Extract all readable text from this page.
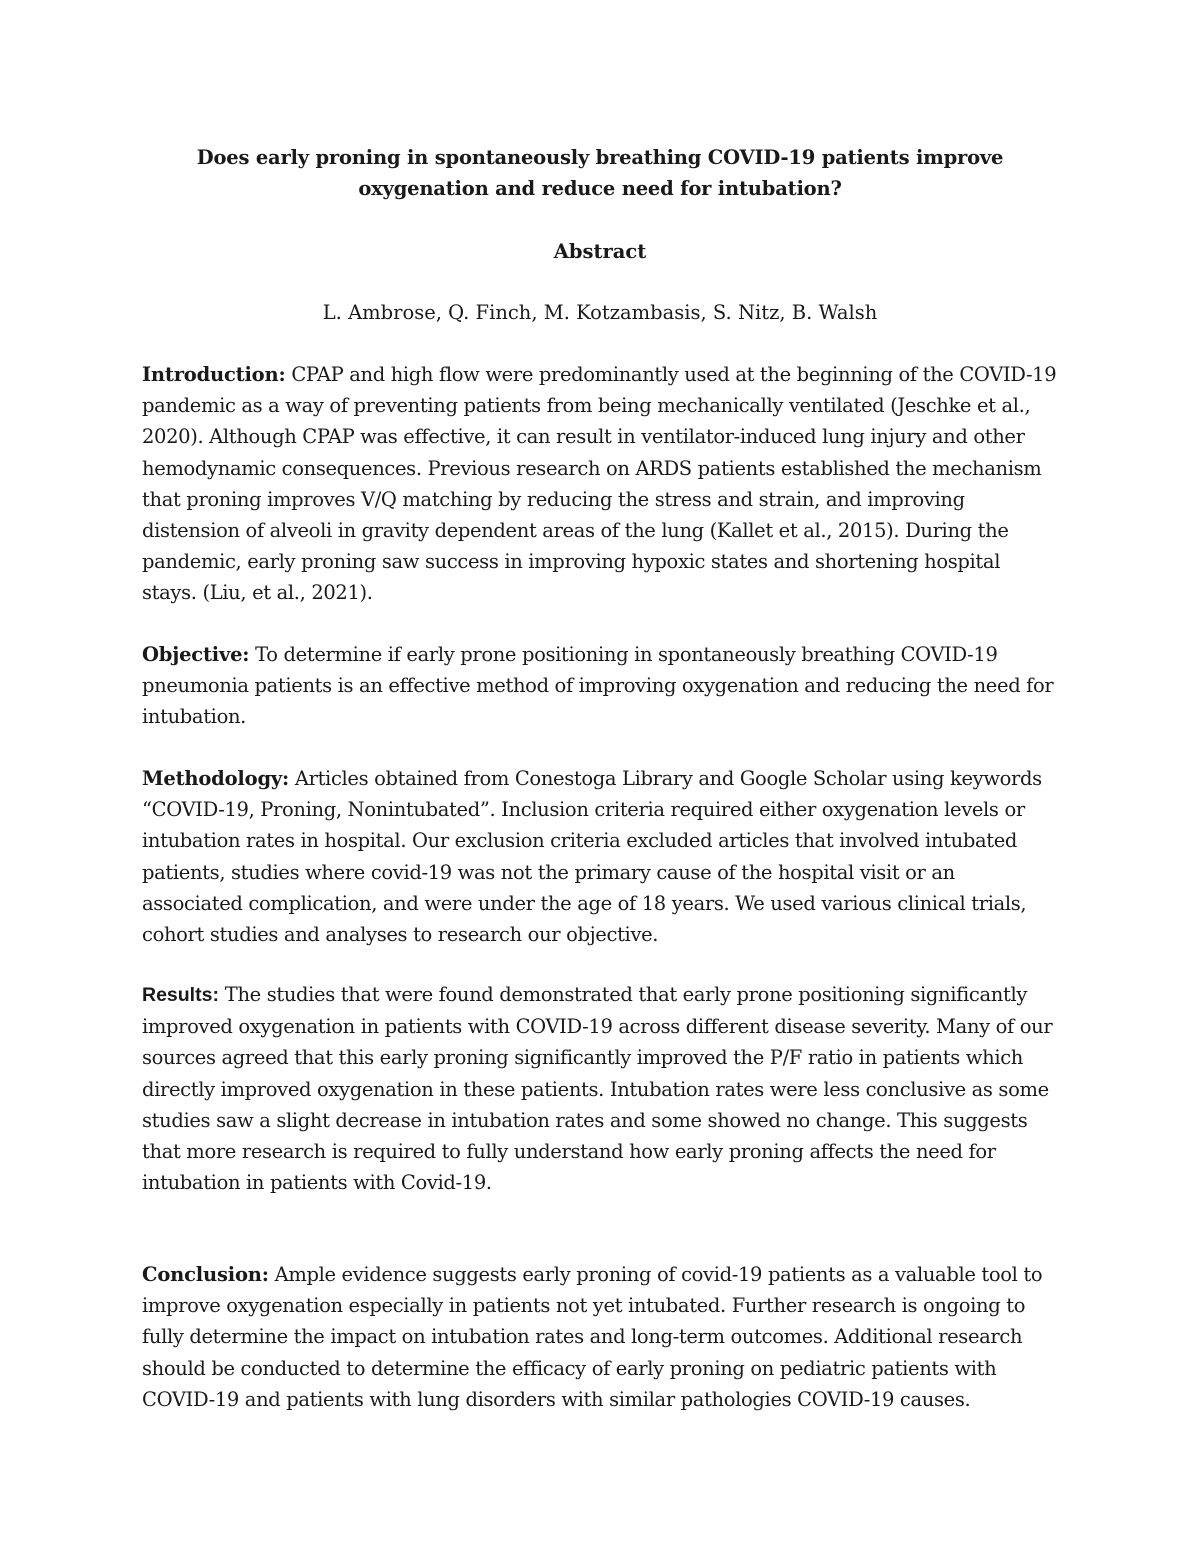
Does early proning in spontaneously breathing COVID-19 patients improve oxygenation and reduce need for intubation?
Abstract
L. Ambrose, Q. Finch, M. Kotzambasis, S. Nitz, B. Walsh

Introduction: CPAP and high flow were predominantly used at the beginning of the COVID-19 pandemic as a way of preventing patients from being mechanically ventilated (Jeschke et al., 2020). Although CPAP was effective, it can result in ventilator-induced lung injury and other hemodynamic consequences. Previous research on ARDS patients established the mechanism that proning improves V/Q matching by reducing the stress and strain, and improving distension of alveoli in gravity dependent areas of the lung (Kallet et al., 2015). During the pandemic, early proning saw success in improving hypoxic states and shortening hospital stays. (Liu, et al., 2021).

Objective: To determine if early prone positioning in spontaneously breathing COVID-19 pneumonia patients is an effective method of improving oxygenation and reducing the need for intubation.

Methodology: Articles obtained from Conestoga Library and Google Scholar using keywords “COVID-19, Proning, Nonintubated”. Inclusion criteria required either oxygenation levels or intubation rates in hospital. Our exclusion criteria excluded articles that involved intubated patients, studies where covid-19 was not the primary cause of the hospital visit or an associated complication, and were under the age of 18 years. We used various clinical trials, cohort studies and analyses to research our objective.

Results: The studies that were found demonstrated that early prone positioning significantly improved oxygenation in patients with COVID-19 across different disease severity. Many of our sources agreed that this early proning significantly improved the P/F ratio in patients which directly improved oxygenation in these patients. Intubation rates were less conclusive as some studies saw a slight decrease in intubation rates and some showed no change. This suggests that more research is required to fully understand how early proning affects the need for intubation in patients with Covid-19.

Conclusion: Ample evidence suggests early proning of covid-19 patients as a valuable tool to improve oxygenation especially in patients not yet intubated. Further research is ongoing to fully determine the impact on intubation rates and long-term outcomes. Additional research should be conducted to determine the efficacy of early proning on pediatric patients with COVID-19 and patients with lung disorders with similar pathologies COVID-19 causes.
